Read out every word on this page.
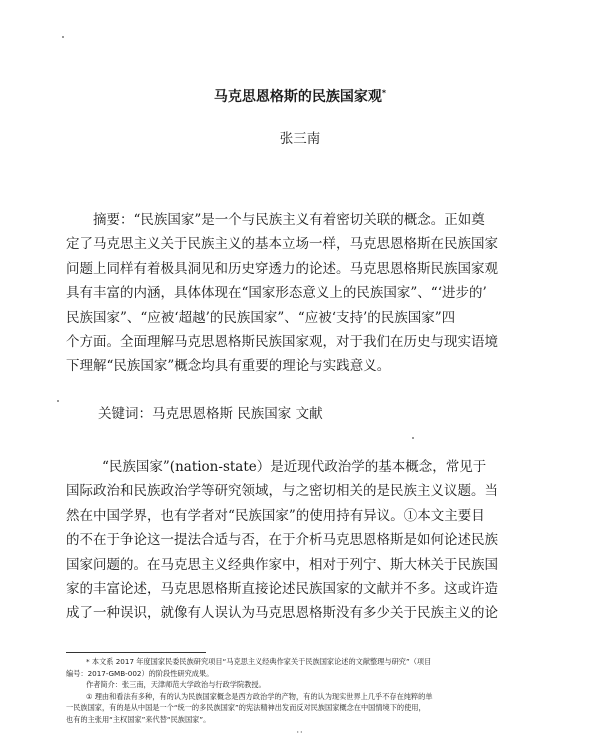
马克思恩格斯的民族国家观*
张三南
摘要：“民族国家”是一个与民族主义有着密切关联的概念。正如奠
定了马克思主义关于民族主义的基本立场一样，马克思恩格斯在民族国家
问题上同样有着极具洞见和历史穿透力的论述。马克思恩格斯民族国家观
具有丰富的内涵，具体体现在“国家形态意义上的民族国家”、“‘进步的’
民族国家”、“应被‘超越’的民族国家”、“应被‘支持’的民族国家”四
个方面。全面理解马克思恩格斯民族国家观，对于我们在历史与现实语境
下理解“民族国家”概念均具有重要的理论与实践意义。
关键词：马克思恩格斯 民族国家 文献
“民族国家”(nation-state）是近现代政治学的基本概念，常见于
国际政治和民族政治学等研究领域，与之密切相关的是民族主义议题。当
然在中国学界，也有学者对“民族国家”的使用持有异议。①本文主要目
的不在于争论这一提法合适与否，在于介析马克思恩格斯是如何论述民族
国家问题的。在马克思主义经典作家中，相对于列宁、斯大林关于民族国
家的丰富论述，马克思恩格斯直接论述民族国家的文献并不多。这或许造
成了一种误识，就像有人误认为马克思恩格斯没有多少关于民族主义的论
* 本文系 2017 年度国家民委民族研究项目“马克思主义经典作家关于民族国家论述的文献整理与研究”（项目
编号：2017-GMB-002）的阶段性研究成果。
作者简介：张三南，天津师范大学政治与行政学院教授。
① 理由和看法有多种，有的认为民族国家概念是西方政治学的产物，有的认为现实世界上几乎不存在纯粹的单
一民族国家，有的是从中国是一个“统一的多民族国家”的宪法精神出发而反对民族国家概念在中国情境下的使用，
也有的主张用“主权国家”来代替“民族国家”。
··
